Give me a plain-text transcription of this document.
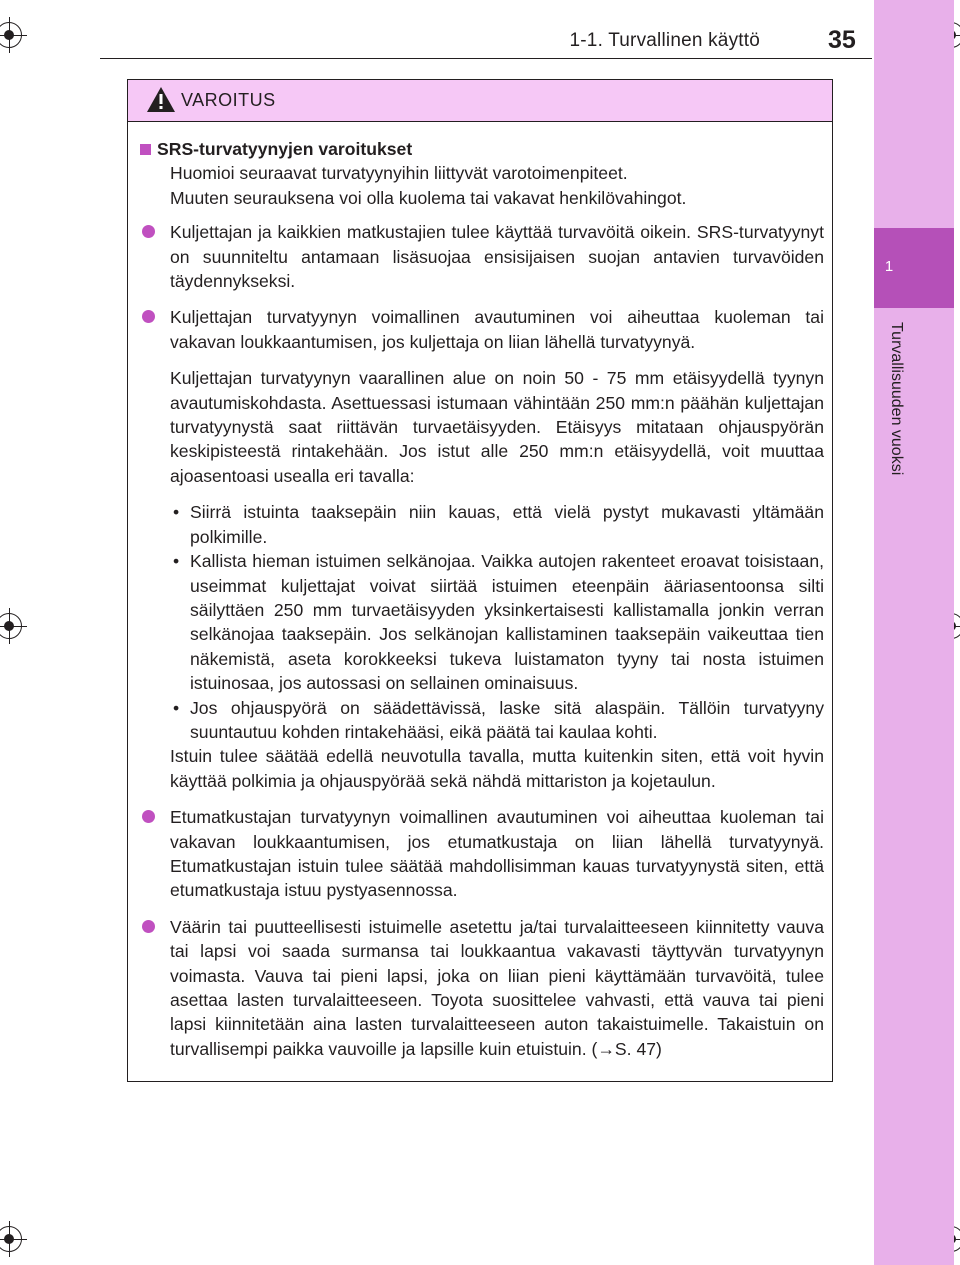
1-1. Turvallinen käyttö	35
1
Turvallisuuden vuoksi
VAROITUS
SRS-turvatyynyjen varoitukset
Huomioi seuraavat turvatyynyihin liittyvät varotoimenpiteet.
Muuten seurauksena voi olla kuolema tai vakavat henkilövahingot.
Kuljettajan ja kaikkien matkustajien tulee käyttää turvavöitä oikein. SRS-turvatyynyt on suunniteltu antamaan lisäsuojaa ensisijaisen suojan antavien turvavöiden täydennykseksi.
Kuljettajan turvatyynyn voimallinen avautuminen voi aiheuttaa kuoleman tai vakavan loukkaantumisen, jos kuljettaja on liian lähellä turvatyynyä.
Kuljettajan turvatyynyn vaarallinen alue on noin 50 - 75 mm etäisyydellä tyynyn avautumiskohdasta. Asettuessasi istumaan vähintään 250 mm:n päähän kuljettajan turvatyynystä saat riittävän turvaetäisyyden. Etäisyys mitataan ohjauspyörän keskipisteestä rintakehään. Jos istut alle 250 mm:n etäisyydellä, voit muuttaa ajoasentoasi usealla eri tavalla:
• Siirrä istuinta taaksepäin niin kauas, että vielä pystyt mukavasti yltämään polkimille.
• Kallista hieman istuimen selkänojaa. Vaikka autojen rakenteet eroavat toisistaan, useimmat kuljettajat voivat siirtää istuimen eteenpäin ääriasentoonsa silti säilyttäen 250 mm turvaetäisyyden yksinkertaisesti kallistamalla jonkin verran selkänojaa taaksepäin. Jos selkänojan kallistaminen taaksepäin vaikeuttaa tien näkemistä, aseta korokkeeksi tukeva luistamaton tyyny tai nosta istuimen istuinosaa, jos autossasi on sellainen ominaisuus.
• Jos ohjauspyörä on säädettävissä, laske sitä alaspäin. Tällöin turvatyyny suuntautuu kohden rintakehääsi, eikä päätä tai kaulaa kohti.
Istuin tulee säätää edellä neuvotulla tavalla, mutta kuitenkin siten, että voit hyvin käyttää polkimia ja ohjauspyörää sekä nähdä mittariston ja kojetaulun.
Etumatkustajan turvatyynyn voimallinen avautuminen voi aiheuttaa kuoleman tai vakavan loukkaantumisen, jos etumatkustaja on liian lähellä turvatyynyä. Etumatkustajan istuin tulee säätää mahdollisimman kauas turvatyynystä siten, että etumatkustaja istuu pystyasennossa.
Väärin tai puutteellisesti istuimelle asetettu ja/tai turvalaitteeseen kiinnitetty vauva tai lapsi voi saada surmansa tai loukkaantua vakavasti täyttyvän turvatyynyn voimasta. Vauva tai pieni lapsi, joka on liian pieni käyttämään turvavöitä, tulee asettaa lasten turvalaitteeseen. Toyota suosittelee vahvasti, että vauva tai pieni lapsi kiinnitetään aina lasten turvalaitteeseen auton takaistuimelle. Takaistuin on turvallisempi paikka vauvoille ja lapsille kuin etuistuin. (→S. 47)
